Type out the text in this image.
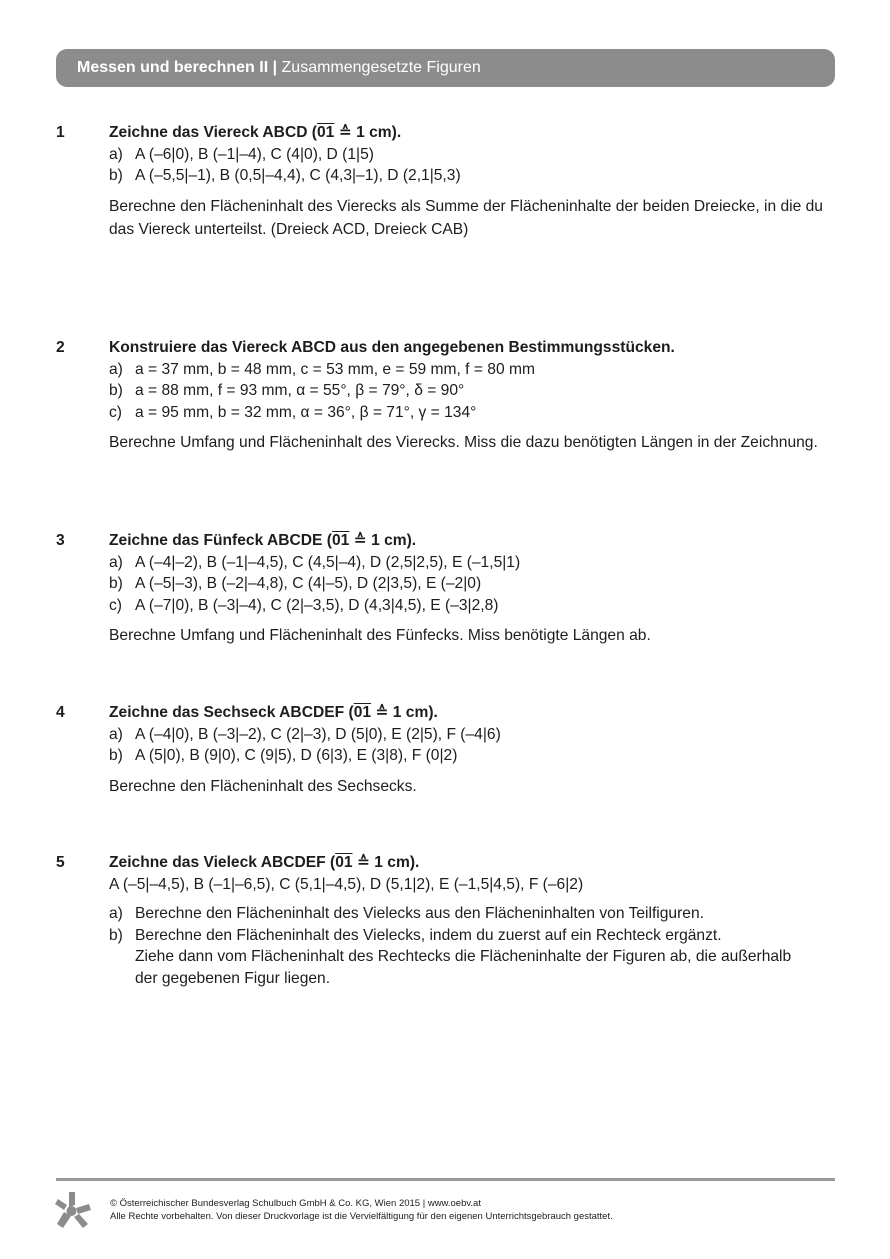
Messen und berechnen II | Zusammengesetzte Figuren
1	Zeichne das Viereck ABCD (01 ≙ 1 cm).
a) A (–6|0), B (–1|–4), C (4|0), D (1|5)
b) A (–5,5|–1), B (0,5|–4,4), C (4,3|–1), D (2,1|5,3)
Berechne den Flächeninhalt des Vierecks als Summe der Flächeninhalte der beiden Dreiecke, in die du das Viereck unterteilst. (Dreieck ACD, Dreieck CAB)
2	Konstruiere das Viereck ABCD aus den angegebenen Bestimmungsstücken.
a) a = 37 mm, b = 48 mm, c = 53 mm, e = 59 mm, f = 80 mm
b) a = 88 mm, f = 93 mm, α = 55°, β = 79°, δ = 90°
c) a = 95 mm, b = 32 mm, α = 36°, β = 71°, γ = 134°
Berechne Umfang und Flächeninhalt des Vierecks. Miss die dazu benötigten Längen in der Zeichnung.
3	Zeichne das Fünfeck ABCDE (01 ≙ 1 cm).
a) A (–4|–2), B (–1|–4,5), C (4,5|–4), D (2,5|2,5), E (–1,5|1)
b) A (–5|–3), B (–2|–4,8), C (4|–5), D (2|3,5), E (–2|0)
c) A (–7|0), B (–3|–4), C (2|–3,5), D (4,3|4,5), E (–3|2,8)
Berechne Umfang und Flächeninhalt des Fünfecks. Miss benötigte Längen ab.
4	Zeichne das Sechseck ABCDEF (01 ≙ 1 cm).
a) A (–4|0), B (–3|–2), C (2|–3), D (5|0), E (2|5), F (–4|6)
b) A (5|0), B (9|0), C (9|5), D (6|3), E (3|8), F (0|2)
Berechne den Flächeninhalt des Sechsecks.
5	Zeichne das Vieleck ABCDEF (01 ≙ 1 cm).
A (–5|–4,5), B (–1|–6,5), C (5,1|–4,5), D (5,1|2), E (–1,5|4,5), F (–6|2)
a) Berechne den Flächeninhalt des Vielecks aus den Flächeninhalten von Teilfiguren.
b) Berechne den Flächeninhalt des Vielecks, indem du zuerst auf ein Rechteck ergänzt.
Ziehe dann vom Flächeninhalt des Rechtecks die Flächeninhalte der Figuren ab, die außerhalb
der gegebenen Figur liegen.
© Österreichischer Bundesverlag Schulbuch GmbH & Co. KG, Wien 2015 | www.oebv.at
Alle Rechte vorbehalten. Von dieser Druckvorlage ist die Vervielfältigung für den eigenen Unterrichtsgebrauch gestattet.
